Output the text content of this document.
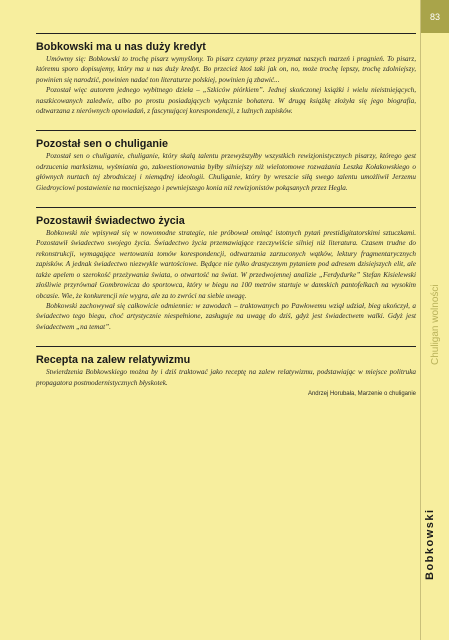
83
Chuligan wolności
Bobkowski
Bobkowski ma u nas duży kredyt

Umówmy się: Bobkowski to trochę pisarz wymyślony. To pisarz czytany przez pryzmat naszych marzeń i pragnień. To pisarz, któremu sporo dopisujemy, który ma u nas duży kredyt. Bo przecież ktoś taki jak on, no, może trochę lepszy, trochę zdolniejszy, powinien się narodzić, powinien nadać ton literaturze polskiej, powinien ją zbawić...

Pozostał więc autorem jednego wybitnego dzieła – „Szkiców piórkiem”. Jednej skończonej książki i wielu nieistniejących, naszkicowanych zaledwie, albo po prostu posiadających wyłącznie bohatera. W drugą książkę złożyła się jego biografia, odtwarzana z nierównych opowiadań, z fascynującej korespondencji, z luźnych zapisków.

Pozostał sen o chuliganie

Pozostał sen o chuliganie, chuliganie, który skalą talentu przewyższyłby wszystkich rewizjonistycznych pisarzy, którego gest odrzucenia marksizmu, wyśmiania go, zakwestionowania byłby silniejszy niż wielotomowe rozważania Leszka Kołakowskiego o głównych nurtach tej zbrodniczej i niemądrej ideologii. Chuliganie, który by wreszcie siłą swego talentu umożliwił Jerzemu Giedroyciowi postawienie na mocniejszego i pewniejszego konia niż rewizjonistów pokąsanych przez Hegla.

Pozostawił świadectwo życia

Bobkowski nie wpisywał się w nowomodne strategie, nie próbował ominąć istotnych pytań prestidigitatorskimi sztuczkami. Pozostawił świadectwo swojego życia. Świadectwo życia przemawiające rzeczywiście silniej niż literatura. Czasem trudne do rekonstrukcji, wymagające wertowania tomów korespondencji, odtwarzania zarzuconych wątków, lektury fragmentarycznych zapisków. A jednak świadectwo niezwykle wartościowe. Będące nie tylko drastycznym pytaniem pod adresem dzisiejszych elit, ale także apelem o szerokość przeżywania świata, o otwartość na świat. W przedwojennej analizie „Ferdydurke” Stefan Kisielewski złośliwie przyrównał Gombrowicza do sportowca, który w biegu na 100 metrów startuje w damskich pantofelkach na wysokim obcasie. Wie, że konkurencji nie wygra, ale za to zwróci na siebie uwagę.

Bobkowski zachowywał się całkowicie odmiennie: w zawodach – traktowanych po Pawłowemu wziął udział, bieg ukończył, a świadectwo tego biegu, choć artystycznie niespełnione, zasługuje na uwagę do dziś, gdyż jest świadectwem walki. Gdyż jest świadectwem „na temat”.

Recepta na zalew relatywizmu

Stwierdzenia Bobkowskiego można by i dziś traktować jako receptę na zalew relatywizmu, podstawiając w miejsce politruka propagatora postmodernistycznych błyskotek.

Andrzej Horubała, Marzenie o chuliganie
